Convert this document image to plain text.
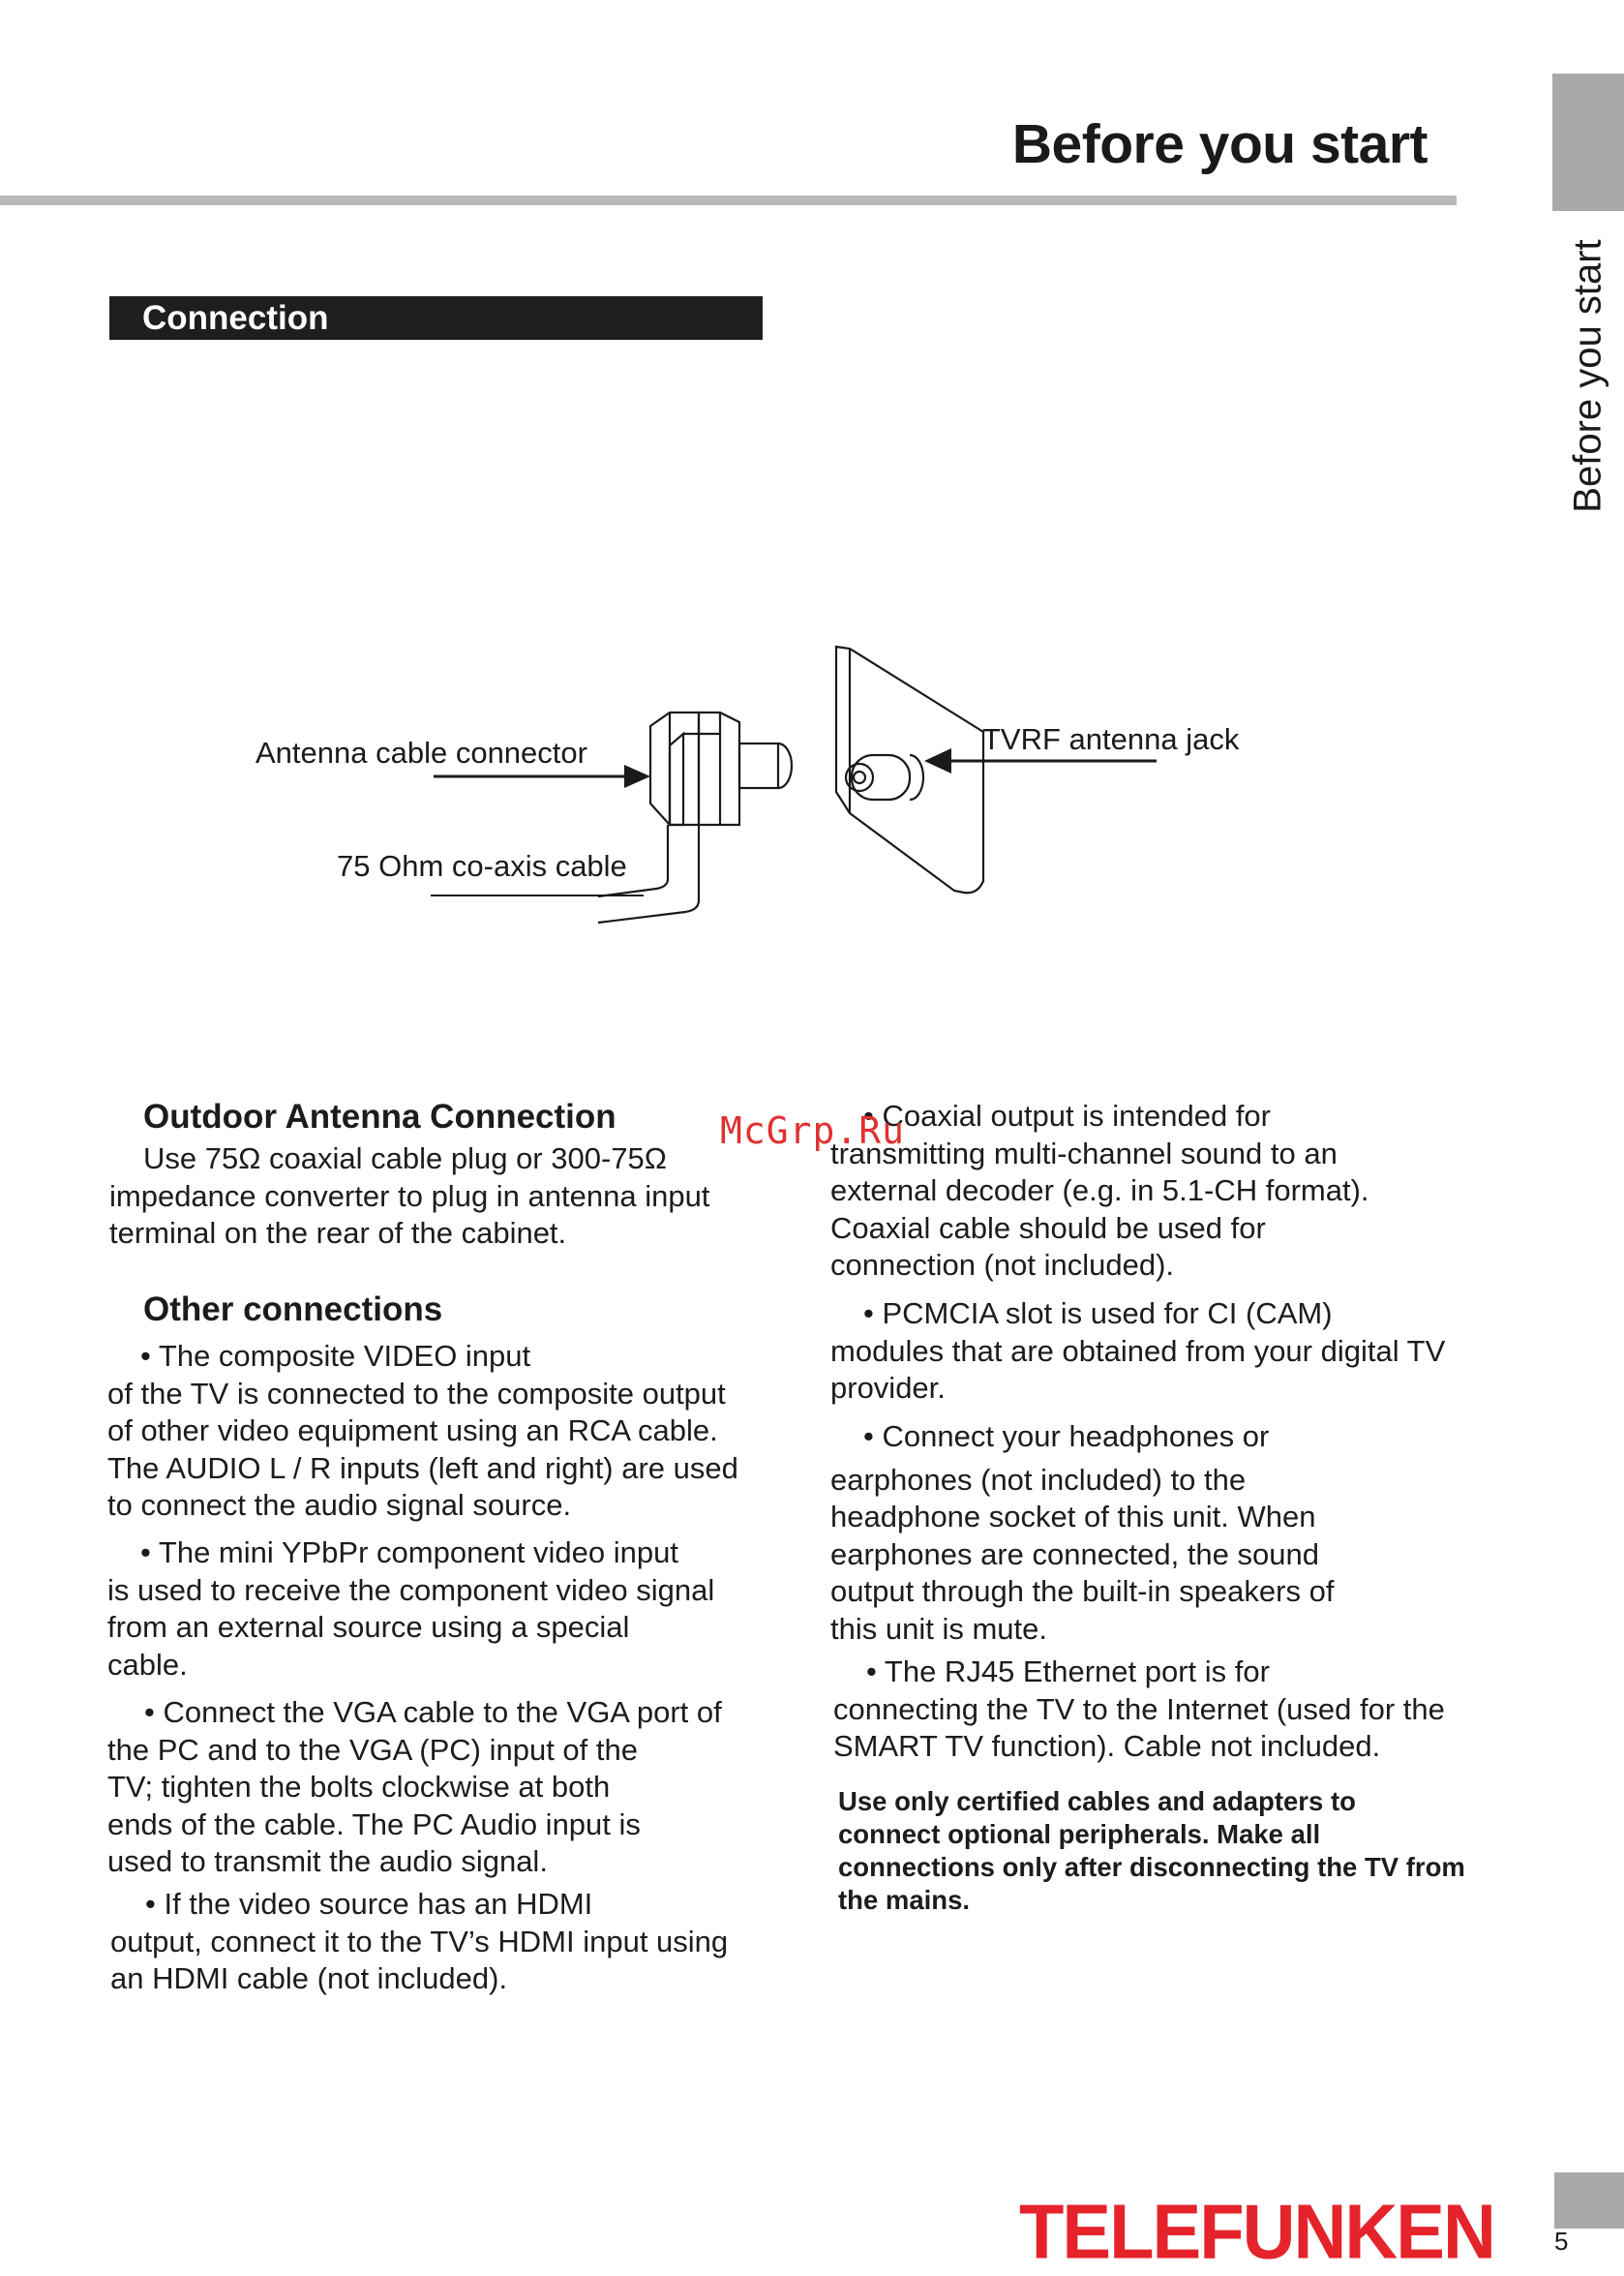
Before you start
Before you start
Connection
Antenna cable connector
75 Ohm co-axis cable
TVRF antenna jack
Outdoor Antenna Connection

Use 75Ω coaxial cable plug or 300-75Ω

impedance converter to plug in antenna input

terminal on the rear of the cabinet.

Other connections

• The composite VIDEO input

of the TV is connected to the composite output

of other video equipment using an RCA cable.

The AUDIO L / R inputs (left and right) are used

to connect the audio signal source.

• The mini YPbPr component video input

is used to receive the component video signal

from an external source using a special

cable.

• Connect the VGA cable to the VGA port of

the PC and to the VGA (PC) input of the

TV; tighten the bolts clockwise at both

ends of the cable. The PC Audio input is

used to transmit the audio signal.

• If the video source has an HDMI

output, connect it to the TV’s HDMI input using

an HDMI cable (not included).

• Coaxial output is intended for

transmitting multi-channel sound to an

external decoder (e.g. in 5.1-CH format).

Coaxial cable should be used for

connection (not included).

• PCMCIA slot is used for CI (CAM)

modules that are obtained from your digital TV

provider.

• Connect your headphones or

earphones (not included) to the

headphone socket of this unit. When

earphones are connected, the sound

output through the built-in speakers of

this unit is mute.

• The RJ45 Ethernet port is for

connecting the TV to the Internet (used for the

SMART TV function). Cable not included.

Use only certified cables and adapters to

connect optional peripherals. Make all

connections only after disconnecting the TV from

the mains.

McGrp.Ru
TELEFUNKEN 5
